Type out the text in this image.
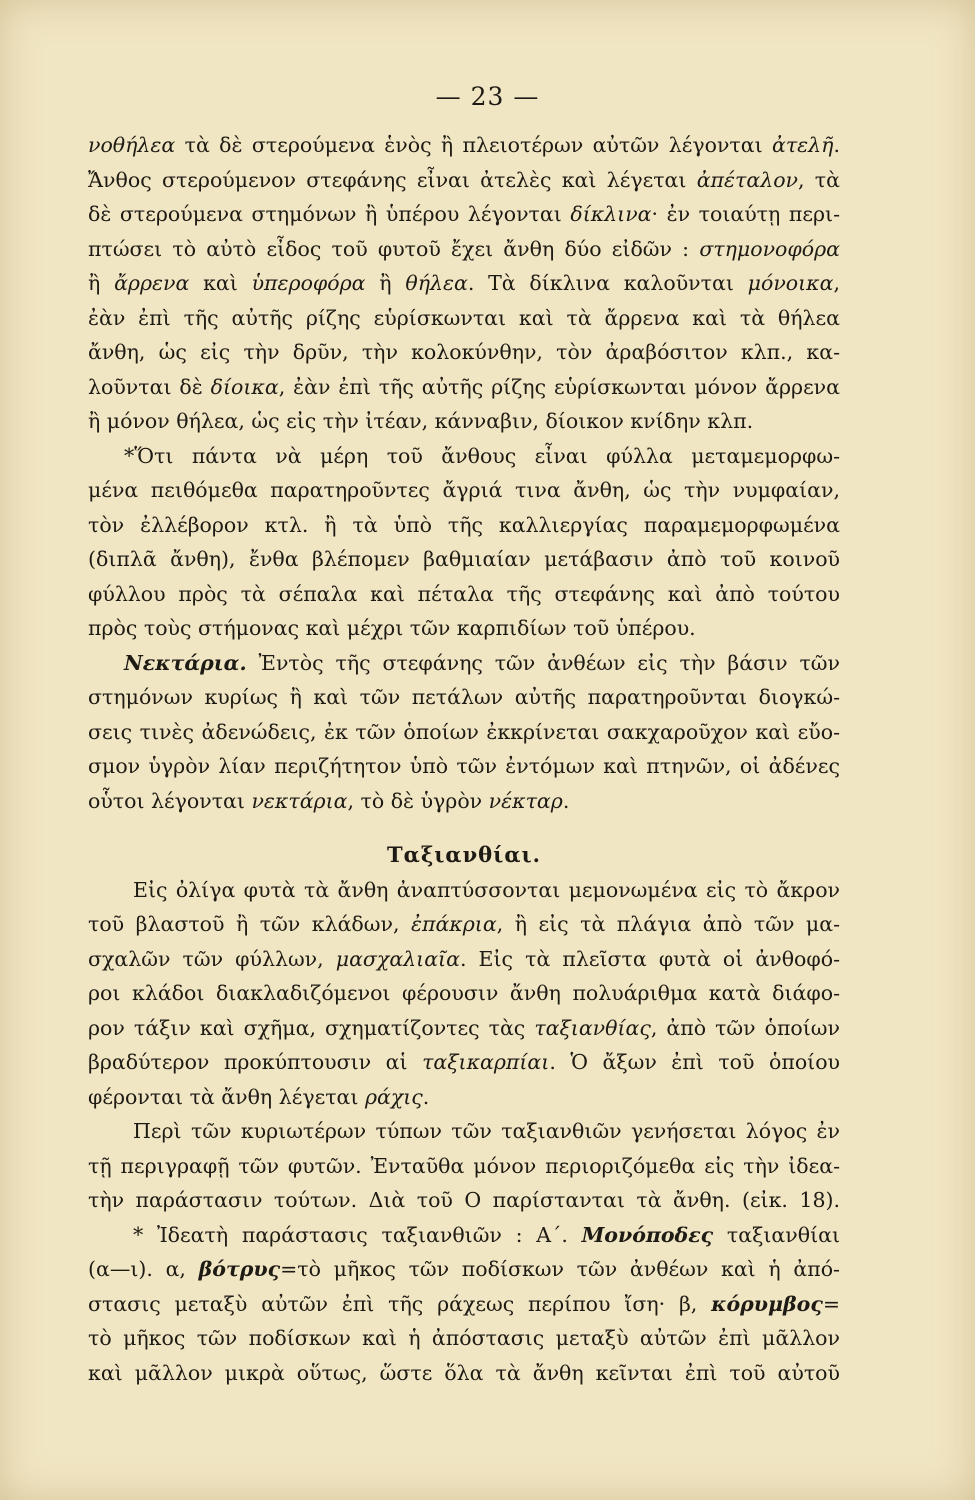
— 23 —
νοθήλεα τὰ δὲ στερούμενα ἑνὸς ἢ πλειοτέρων αὐτῶν λέγονται ἀτελῆ.
Ἄνθος στερούμενον στεφάνης εἶναι ἀτελὲς καὶ λέγεται ἀπέταλον, τὰ
δὲ στερούμενα στημόνων ἢ ὑπέρου λέγονται δίκλινα· ἐν τοιαύτῃ περι-
πτώσει τὸ αὐτὸ εἶδος τοῦ φυτοῦ ἔχει ἄνθη δύο εἰδῶν : στημονοφόρα
ἢ ἄρρενα καὶ ὑπεροφόρα ἢ θήλεα. Τὰ δίκλινα καλοῦνται μόνοικα,
ἐὰν ἐπὶ τῆς αὐτῆς ρίζης εὑρίσκωνται καὶ τὰ ἄρρενα καὶ τὰ θήλεα
ἄνθη, ὡς εἰς τὴν δρῦν, τὴν κολοκύνθην, τὸν ἀραβόσιτον κλπ., κα-
λοῦνται δὲ δίοικα, ἐὰν ἐπὶ τῆς αὐτῆς ρίζης εὑρίσκωνται μόνον ἄρρενα
ἢ μόνον θήλεα, ὡς εἰς τὴν ἰτέαν, κάνναβιν, δίοικον κνίδην κλπ.
*Ὅτι πάντα νὰ μέρη τοῦ ἄνθους εἶναι φύλλα μεταμεμορφω-
μένα πειθόμεθα παρατηροῦντες ἄγριά τινα ἄνθη, ὡς τὴν νυμφαίαν,
τὸν ἐλλέβορον κτλ. ἢ τὰ ὑπὸ τῆς καλλιεργίας παραμεμορφωμένα
(διπλᾶ ἄνθη), ἔνθα βλέπομεν βαθμιαίαν μετάβασιν ἀπὸ τοῦ κοινοῦ
φύλλου πρὸς τὰ σέπαλα καὶ πέταλα τῆς στεφάνης καὶ ἀπὸ τούτου
πρὸς τοὺς στήμονας καὶ μέχρι τῶν καρπιδίων τοῦ ὑπέρου.
Νεκτάρια. Ἐντὸς τῆς στεφάνης τῶν ἀνθέων εἰς τὴν βάσιν τῶν
στημόνων κυρίως ἢ καὶ τῶν πετάλων αὐτῆς παρατηροῦνται διογκώ-
σεις τινὲς ἀδενώδεις, ἐκ τῶν ὁποίων ἐκκρίνεται σακχαροῦχον καὶ εὔο-
σμον ὑγρὸν λίαν περιζήτητον ὑπὸ τῶν ἐντόμων καὶ πτηνῶν, οἱ ἀδένες
οὗτοι λέγονται νεκτάρια, τὸ δὲ ὑγρὸν νέκταρ.
Ταξιανθίαι.
Εἰς ὀλίγα φυτὰ τὰ ἄνθη ἀναπτύσσονται μεμονωμένα εἰς τὸ ἄκρον
τοῦ βλαστοῦ ἢ τῶν κλάδων, ἐπάκρια, ἢ εἰς τὰ πλάγια ἀπὸ τῶν μα-
σχαλῶν τῶν φύλλων, μασχαλιαῖα. Εἰς τὰ πλεῖστα φυτὰ οἱ ἀνθοφό-
ροι κλάδοι διακλαδιζόμενοι φέρουσιν ἄνθη πολυάριθμα κατὰ διάφο-
ρον τάξιν καὶ σχῆμα, σχηματίζοντες τὰς ταξιανθίας, ἀπὸ τῶν ὁποίων
βραδύτερον προκύπτουσιν αἱ ταξικαρπίαι. Ὁ ἄξων ἐπὶ τοῦ ὁποίου
φέρονται τὰ ἄνθη λέγεται ράχις.
Περὶ τῶν κυριωτέρων τύπων τῶν ταξιανθιῶν γενήσεται λόγος ἐν
τῇ περιγραφῇ τῶν φυτῶν. Ἐνταῦθα μόνον περιοριζόμεθα εἰς τὴν ἰδεα-
τὴν παράστασιν τούτων. Διὰ τοῦ O παρίστανται τὰ ἄνθη. (εἰκ. 18).
* Ἰδεατὴ παράστασις ταξιανθιῶν : Α΄. Μονόποδες ταξιανθίαι
(α—ι). α, βότρυς=τὸ μῆκος τῶν ποδίσκων τῶν ἀνθέων καὶ ἡ ἀπό-
στασις μεταξὺ αὐτῶν ἐπὶ τῆς ράχεως περίπου ἴση· β, κόρυμβος=
τὸ μῆκος τῶν ποδίσκων καὶ ἡ ἀπόστασις μεταξὺ αὐτῶν ἐπὶ μᾶλλον
καὶ μᾶλλον μικρὰ οὕτως, ὥστε ὅλα τὰ ἄνθη κεῖνται ἐπὶ τοῦ αὐτοῦ
